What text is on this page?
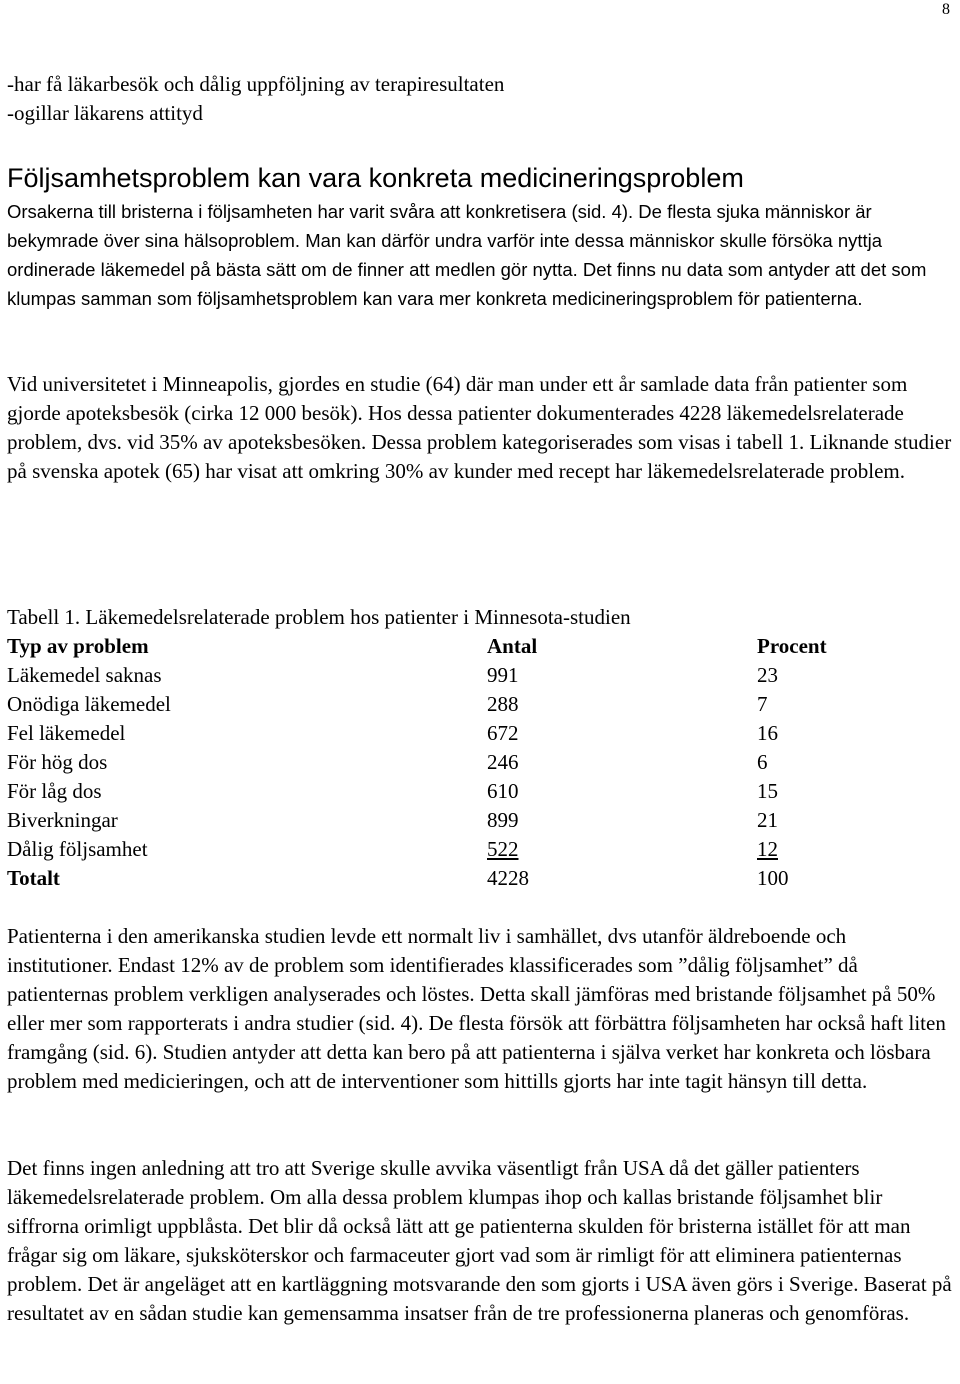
8
-har få läkarbesök och dålig uppföljning av terapiresultaten
-ogillar läkarens attityd
Följsamhetsproblem kan vara konkreta medicineringsproblem

Orsakerna till bristerna i följsamheten har varit svåra att konkretisera (sid. 4). De flesta sjuka människor är bekymrade över sina hälsoproblem. Man kan därför undra varför inte dessa människor skulle försöka nyttja ordinerade läkemedel på bästa sätt om de finner att medlen gör nytta. Det finns nu data som antyder att det som klumpas samman som följsamhetsproblem kan vara mer konkreta medicineringsproblem för patienterna.

Vid universitetet i Minneapolis, gjordes en studie (64) där man under ett år samlade data från patienter som gjorde apoteksbesök (cirka 12 000 besök). Hos dessa patienter dokumenterades 4228 läkemedelsrelaterade problem, dvs. vid 35% av apoteksbesöken. Dessa problem kategoriserades som visas i tabell 1. Liknande studier på svenska apotek (65) har visat att omkring 30% av kunder med recept har läkemedelsrelaterade problem.

Tabell 1. Läkemedelsrelaterade problem hos patienter i Minnesota-studien
Typ av problem	Antal	Procent
Läkemedel saknas	991	23
Onödiga läkemedel	288	7
Fel läkemedel	672	16
För hög dos	246	6
För låg dos	610	15
Biverkningar	899	21
Dålig följsamhet	522	12
Totalt	4228	100

Patienterna i den amerikanska studien levde ett normalt liv i samhället, dvs utanför äldreboende och institutioner. Endast 12% av de problem som identifierades klassificerades som ”dålig följsamhet” då patienternas problem verkligen analyserades och löstes. Detta skall jämföras med bristande följsamhet på 50% eller mer som rapporterats i andra studier (sid. 4). De flesta försök att förbättra följsamheten har också haft liten framgång (sid. 6). Studien antyder att detta kan bero på att patienterna i själva verket har konkreta och lösbara problem med medicieringen, och att de interventioner som hittills gjorts har inte tagit hänsyn till detta.

Det finns ingen anledning att tro att Sverige skulle avvika väsentligt från USA då det gäller patienters läkemedelsrelaterade problem. Om alla dessa problem klumpas ihop och kallas bristande följsamhet blir siffrorna orimligt uppblåsta. Det blir då också lätt att ge patienterna skulden för bristerna istället för att man frågar sig om läkare, sjuksköterskor och farmaceuter gjort vad som är rimligt för att eliminera patienternas problem. Det är angeläget att en kartläggning motsvarande den som gjorts i USA även görs i Sverige. Baserat på resultatet av en sådan studie kan gemensamma insatser från de tre professionerna planeras och genomföras.
